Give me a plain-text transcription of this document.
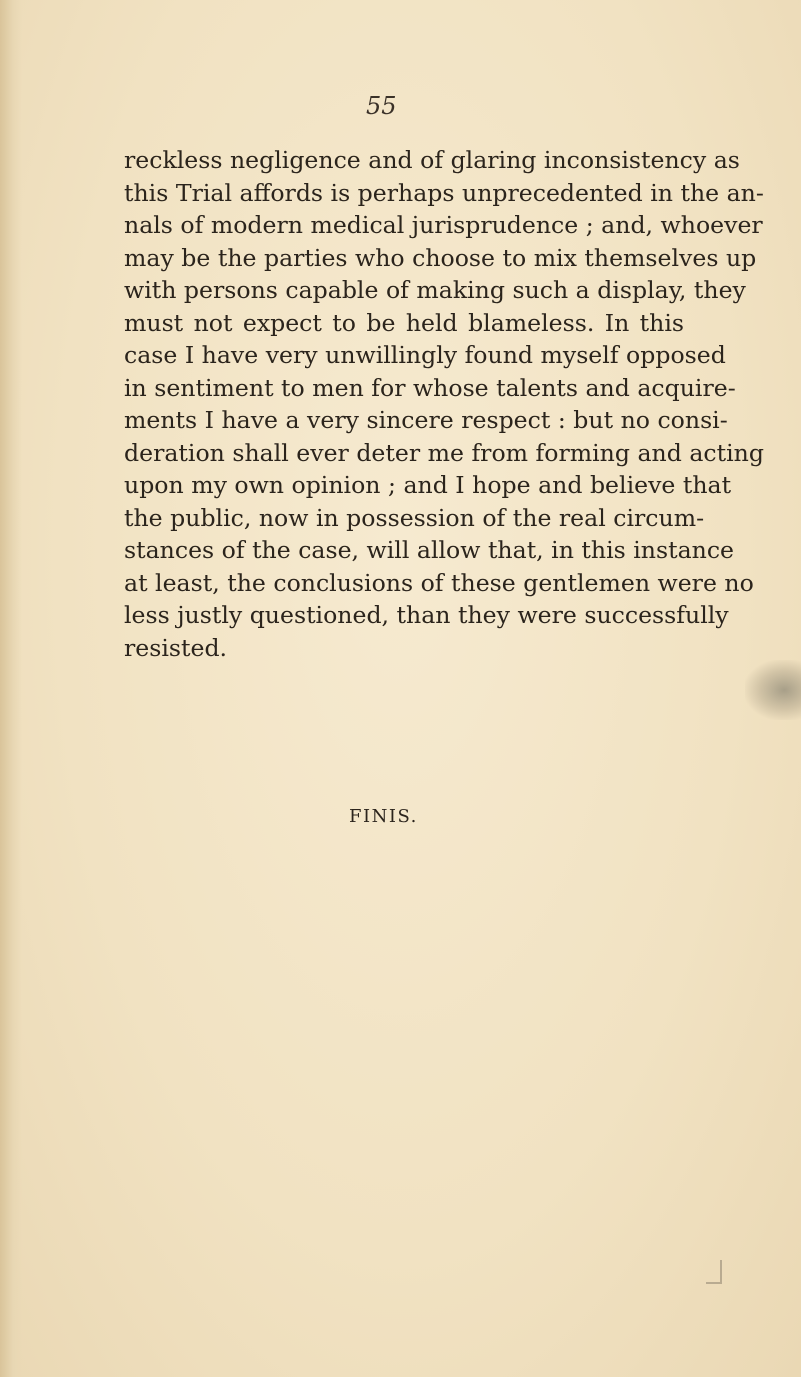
55
reckless negligence and of glaring inconsistency as
this Trial affords is perhaps unprecedented in the an-
nals of modern medical jurisprudence ; and, whoever
may be the parties who choose to mix themselves up
with persons capable of making such a display, they
must not expect to be held blameless. In this
case I have very unwillingly found myself opposed
in sentiment to men for whose talents and acquire-
ments I have a very sincere respect : but no consi-
deration shall ever deter me from forming and acting
upon my own opinion ; and I hope and believe that
the public, now in possession of the real circum-
stances of the case, will allow that, in this instance
at least, the conclusions of these gentlemen were no
less justly questioned, than they were successfully
resisted.
FINIS.
